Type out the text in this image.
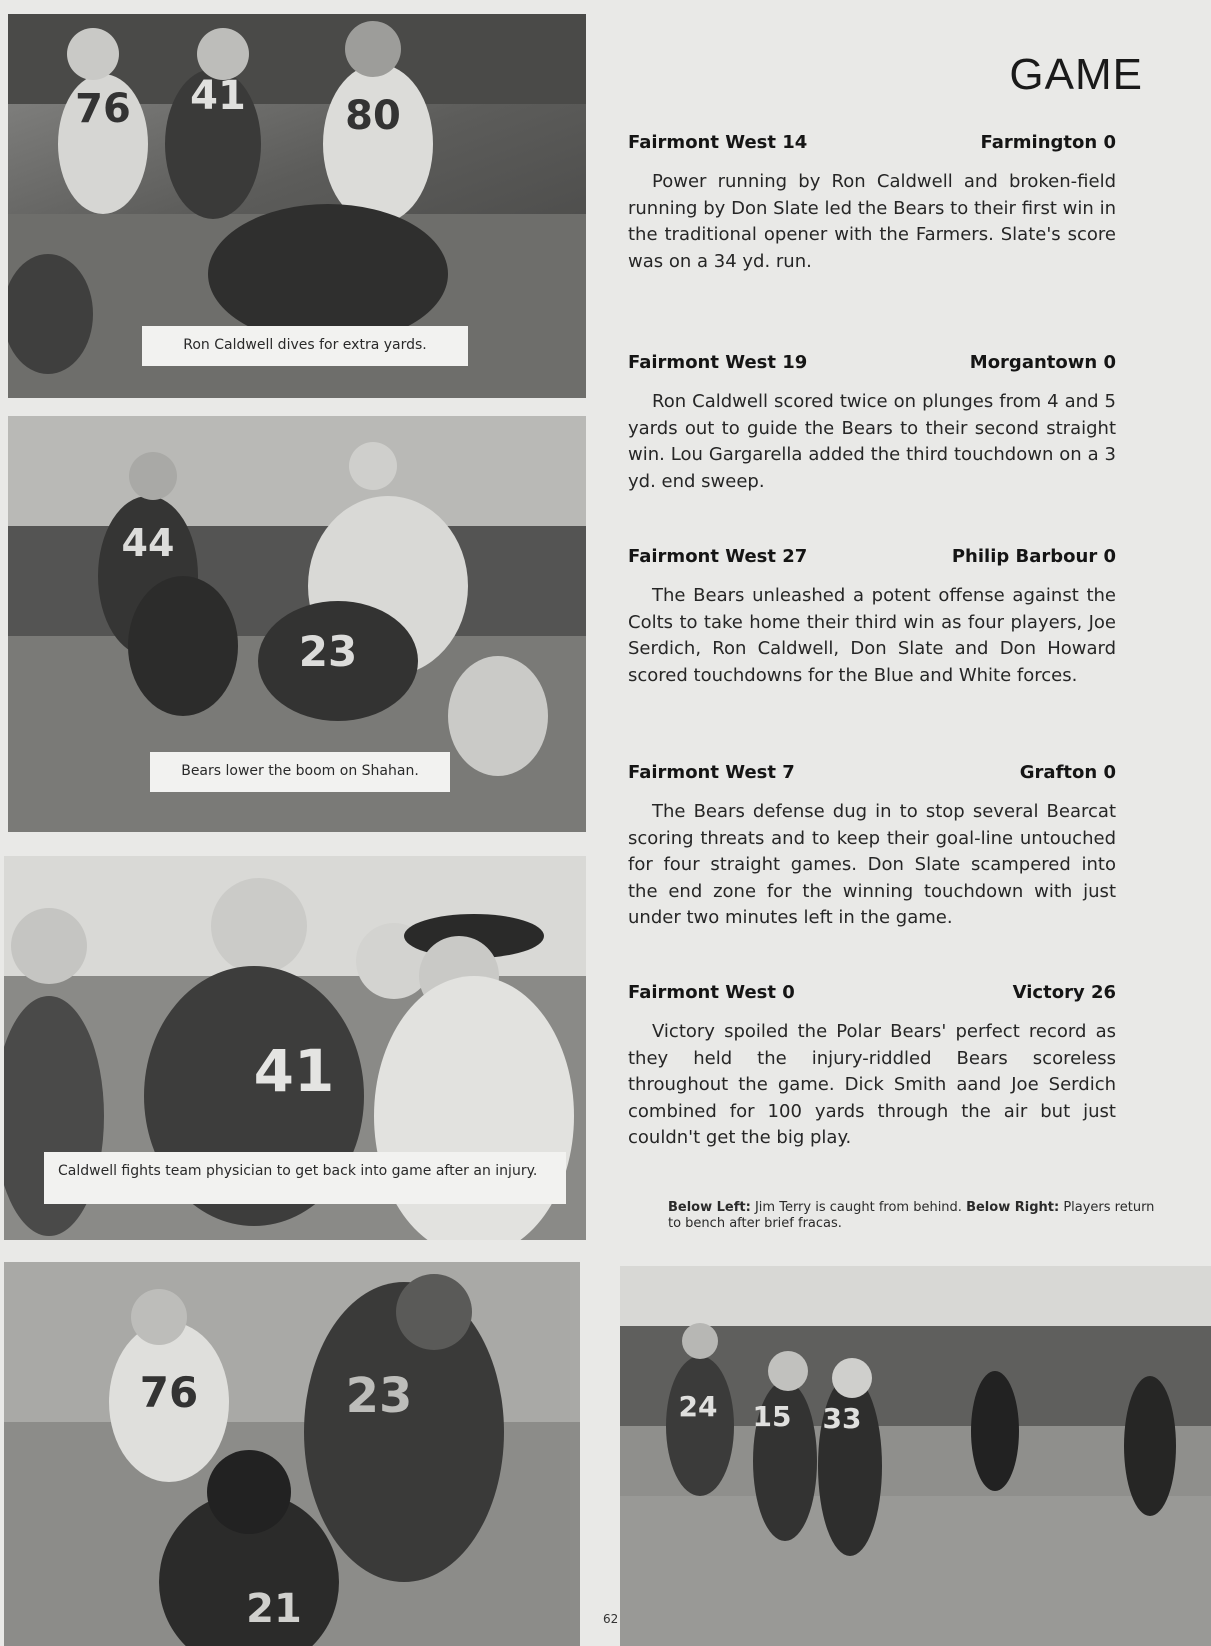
76 41 80
Ron Caldwell dives for extra yards.
44
23
Bears lower the boom on Shahan.
41
Caldwell fights team physician to get back into game after an injury.
76	23
21
GAME
Fairmont West 14	Farmington 0

Power running by Ron Caldwell and broken-field running by Don Slate led the Bears to their first win in the traditional opener with the Farmers. Slate's score was on a 34 yd. run.

Fairmont West 19	Morgantown 0

Ron Caldwell scored twice on plunges from 4 and 5 yards out to guide the Bears to their second straight win. Lou Gargarella added the third touchdown on a 3 yd. end sweep.

Fairmont West 27	Philip Barbour 0

The Bears unleashed a potent offense against the Colts to take home their third win as four players, Joe Serdich, Ron Caldwell, Don Slate and Don Howard scored touchdowns for the Blue and White forces.

Fairmont West 7	Grafton 0

The Bears defense dug in to stop several Bearcat scoring threats and to keep their goal-line untouched for four straight games. Don Slate scampered into the end zone for the winning touchdown with just under two minutes left in the game.

Fairmont West 0	Victory 26

Victory spoiled the Polar Bears' perfect record as they held the injury-riddled Bears scoreless throughout the game. Dick Smith aand Joe Serdich combined for 100 yards through the air but just couldn't get the big play.

Below Left: Jim Terry is caught from behind. Below Right: Players return to bench after brief fracas.
24 15 33
62
